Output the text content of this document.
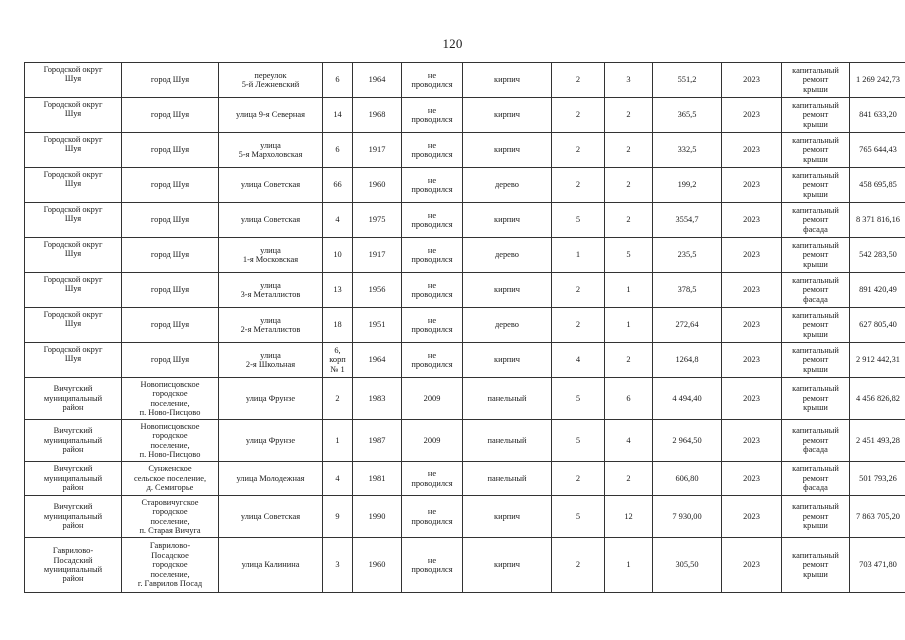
120
Городской округ
Шуя	город Шуя	переулок
5-й Лежневский	6	1964	не
проводился	кирпич	2	3	551,2	2023	капитальный
ремонт
крыши	1 269 242,73
Городской округ
Шуя	город Шуя	улица 9-я Северная	14	1968	не
проводился	кирпич	2	2	365,5	2023	капитальный
ремонт
крыши	841 633,20
Городской округ
Шуя	город Шуя	улица
5-я Мархоловская	6	1917	не
проводился	кирпич	2	2	332,5	2023	капитальный
ремонт
крыши	765 644,43
Городской округ
Шуя	город Шуя	улица Советская	66	1960	не
проводился	дерево	2	2	199,2	2023	капитальный
ремонт
крыши	458 695,85
Городской округ
Шуя	город Шуя	улица Советская	4	1975	не
проводился	кирпич	5	2	3554,7	2023	капитальный
ремонт
фасада	8 371 816,16
Городской округ
Шуя	город Шуя	улица
1-я Московская	10	1917	не
проводился	дерево	1	5	235,5	2023	капитальный
ремонт
крыши	542 283,50
Городской округ
Шуя	город Шуя	улица
3-я Металлистов	13	1956	не
проводился	кирпич	2	1	378,5	2023	капитальный
ремонт
фасада	891 420,49
Городской округ
Шуя	город Шуя	улица
2-я Металлистов	18	1951	не
проводился	дерево	2	1	272,64	2023	капитальный
ремонт
крыши	627 805,40
Городской округ
Шуя	город Шуя	улица
2-я Школьная	6,
корп
№ 1	1964	не
проводился	кирпич	4	2	1264,8	2023	капитальный
ремонт
крыши	2 912 442,31
Вичугский
муниципальный
район	Новописцовское
городское
поселение,
п. Ново-Писцово	улица Фрунзе	2	1983	2009	панельный	5	6	4 494,40	2023	капитальный
ремонт
крыши	4 456 826,82
Вичугский
муниципальный
район	Новописцовское
городское
поселение,
п. Ново-Писцово	улица Фрунзе	1	1987	2009	панельный	5	4	2 964,50	2023	капитальный
ремонт
фасада	2 451 493,28
Вичугский
муниципальный
район	Сунженское
сельское поселение,
д. Семигорье	улица Молодежная	4	1981	не
проводился	панельный	2	2	606,80	2023	капитальный
ремонт
фасада	501 793,26
Вичугский
муниципальный
район	Старовичугское
городское
поселение,
п. Старая Вичуга	улица Советская	9	1990	не
проводился	кирпич	5	12	7 930,00	2023	капитальный
ремонт
крыши	7 863 705,20
Гаврилово-
Посадский
муниципальный
район	Гаврилово-
Посадское
городское
поселение,
г. Гаврилов Посад	улица Калинина	3	1960	не
проводился	кирпич	2	1	305,50	2023	капитальный
ремонт
крыши	703 471,80
